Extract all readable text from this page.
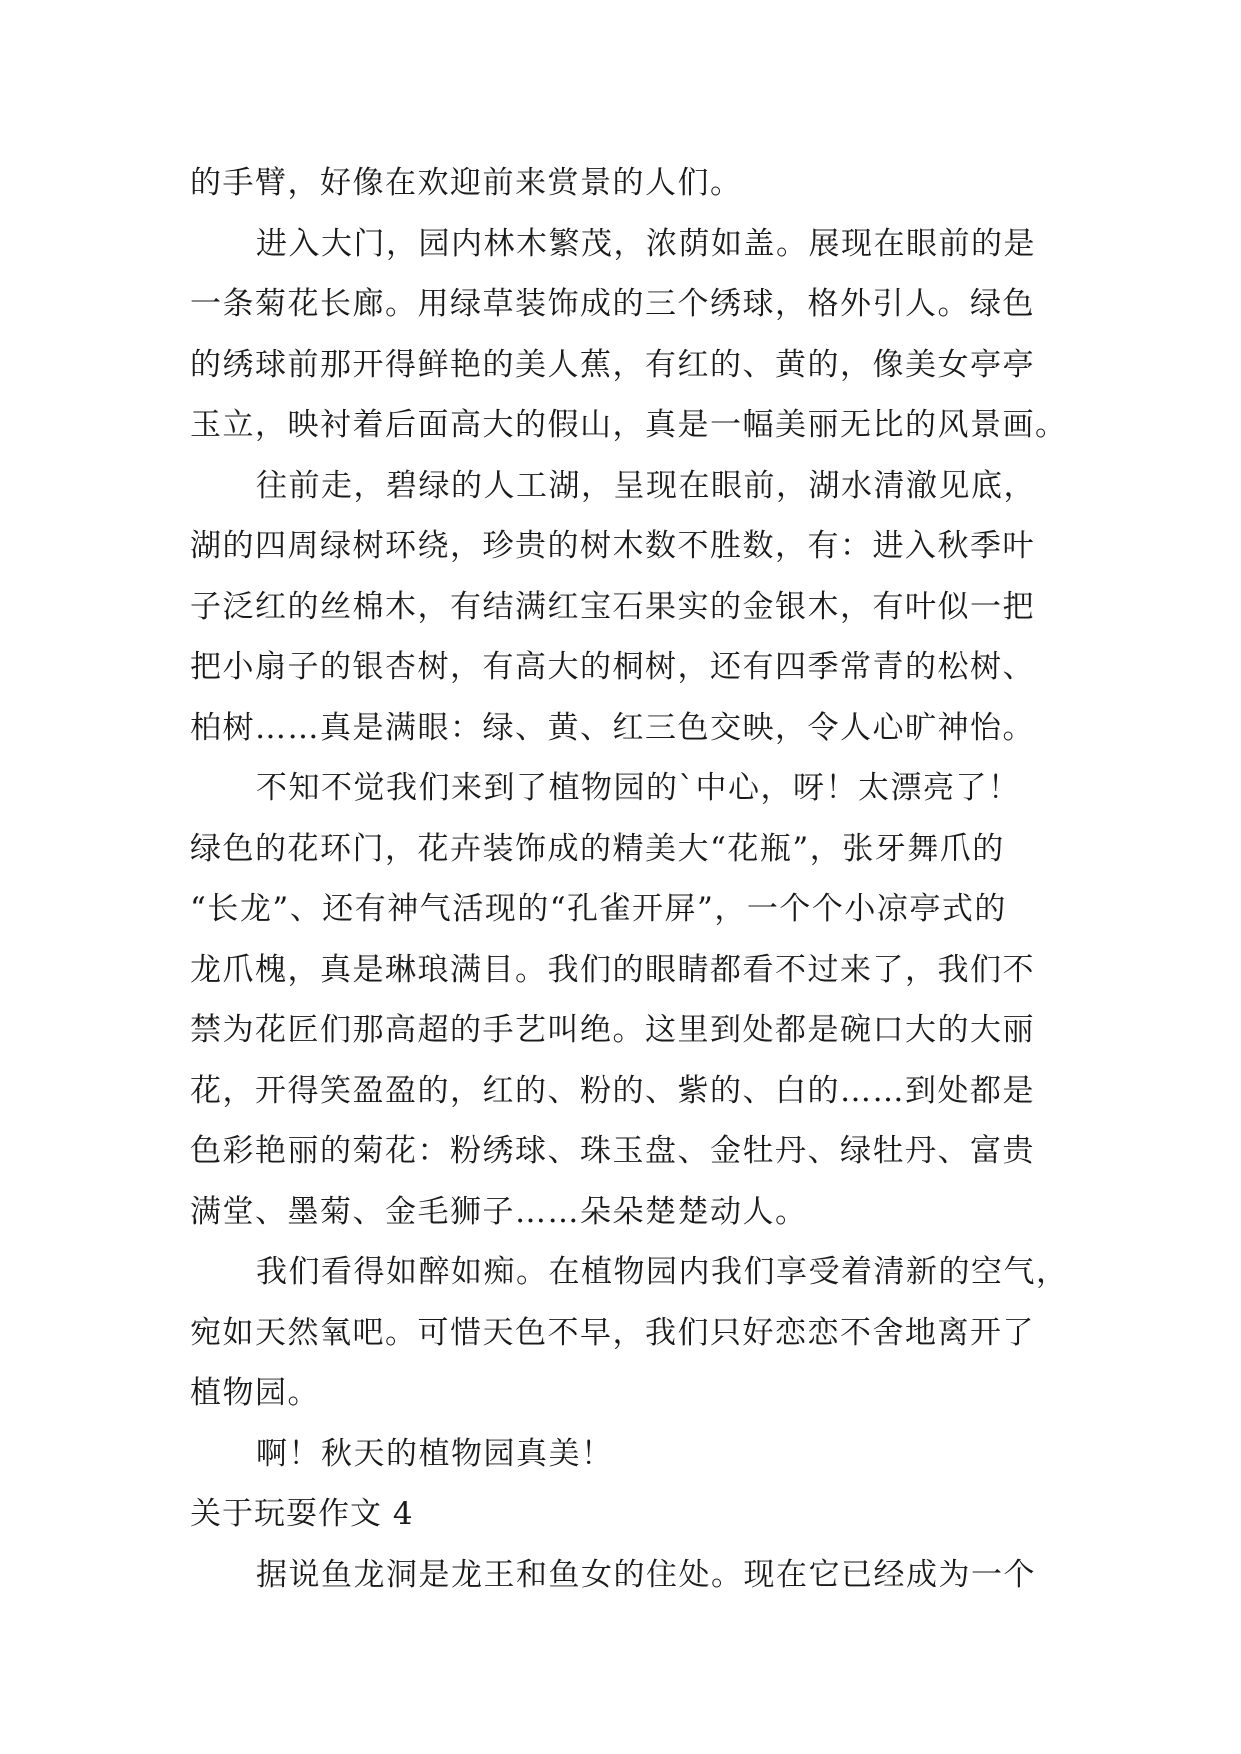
的手臂，好像在欢迎前来赏景的人们。
进入大门，园内林木繁茂，浓荫如盖。展现在眼前的是
一条菊花长廊。用绿草装饰成的三个绣球，格外引人。绿色
的绣球前那开得鲜艳的美人蕉，有红的、黄的，像美女亭亭
玉立，映衬着后面高大的假山，真是一幅美丽无比的风景画。
往前走，碧绿的人工湖，呈现在眼前，湖水清澈见底，
湖的四周绿树环绕，珍贵的树木数不胜数，有：进入秋季叶
子泛红的丝棉木，有结满红宝石果实的金银木，有叶似一把
把小扇子的银杏树，有高大的桐树，还有四季常青的松树、
柏树……真是满眼：绿、黄、红三色交映，令人心旷神怡。
不知不觉我们来到了植物园的`中心，呀！太漂亮了！
绿色的花环门，花卉装饰成的精美大“花瓶”，张牙舞爪的
“长龙”、还有神气活现的“孔雀开屏”，一个个小凉亭式的
龙爪槐，真是琳琅满目。我们的眼睛都看不过来了，我们不
禁为花匠们那高超的手艺叫绝。这里到处都是碗口大的大丽
花，开得笑盈盈的，红的、粉的、紫的、白的……到处都是
色彩艳丽的菊花：粉绣球、珠玉盘、金牡丹、绿牡丹、富贵
满堂、墨菊、金毛狮子……朵朵楚楚动人。
我们看得如醉如痴。在植物园内我们享受着清新的空气，
宛如天然氧吧。可惜天色不早，我们只好恋恋不舍地离开了
植物园。
啊！秋天的植物园真美！
关于玩耍作文 4
据说鱼龙洞是龙王和鱼女的住处。现在它已经成为一个
